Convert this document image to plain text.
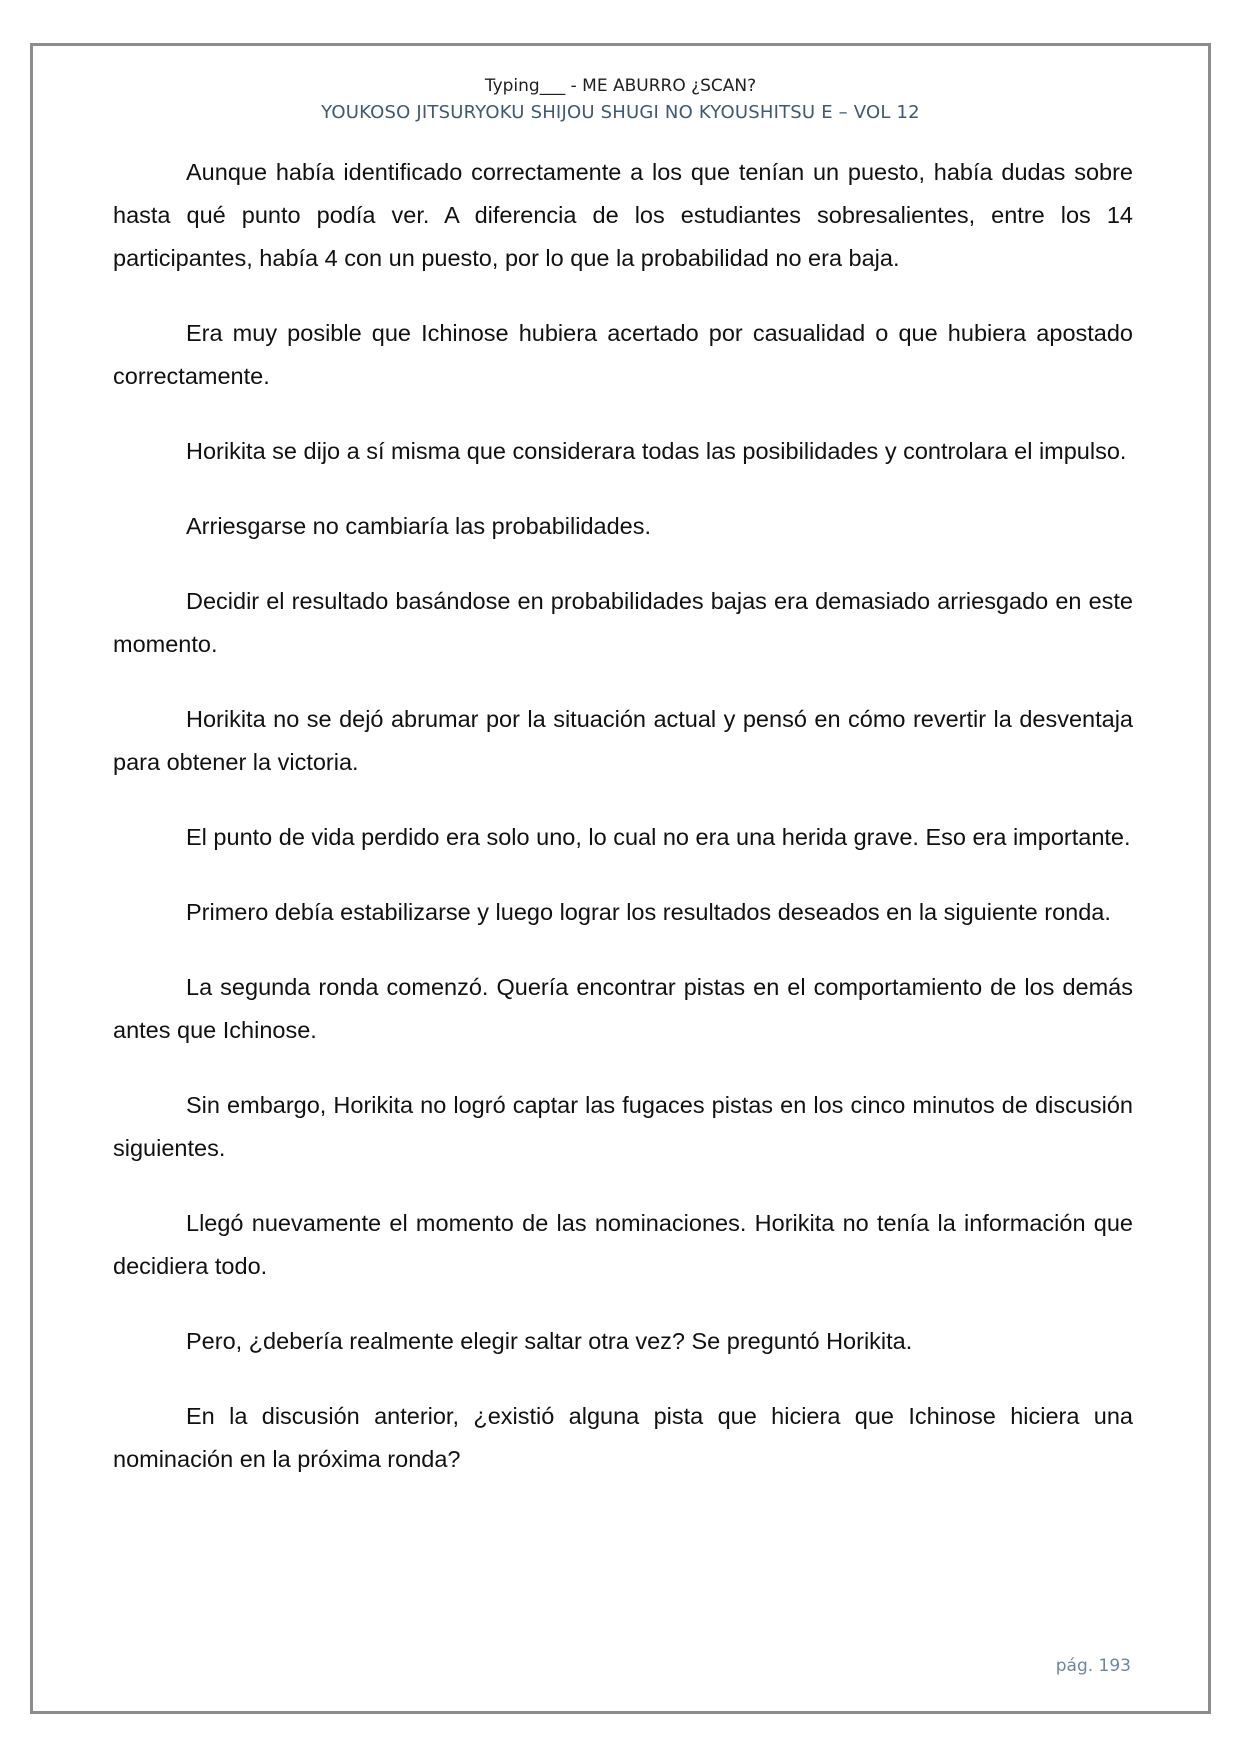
Typing___ - ME ABURRO ¿SCAN?
YOUKOSO JITSURYOKU SHIJOU SHUGI NO KYOUSHITSU E – VOL 12

Aunque había identificado correctamente a los que tenían un puesto, había dudas sobre hasta qué punto podía ver. A diferencia de los estudiantes sobresalientes, entre los 14 participantes, había 4 con un puesto, por lo que la probabilidad no era baja.

Era muy posible que Ichinose hubiera acertado por casualidad o que hubiera apostado correctamente.

Horikita se dijo a sí misma que considerara todas las posibilidades y controlara el impulso.

Arriesgarse no cambiaría las probabilidades.

Decidir el resultado basándose en probabilidades bajas era demasiado arriesgado en este momento.

Horikita no se dejó abrumar por la situación actual y pensó en cómo revertir la desventaja para obtener la victoria.

El punto de vida perdido era solo uno, lo cual no era una herida grave. Eso era importante.

Primero debía estabilizarse y luego lograr los resultados deseados en la siguiente ronda.

La segunda ronda comenzó. Quería encontrar pistas en el comportamiento de los demás antes que Ichinose.

Sin embargo, Horikita no logró captar las fugaces pistas en los cinco minutos de discusión siguientes.

Llegó nuevamente el momento de las nominaciones. Horikita no tenía la información que decidiera todo.

Pero, ¿debería realmente elegir saltar otra vez? Se preguntó Horikita.

En la discusión anterior, ¿existió alguna pista que hiciera que Ichinose hiciera una nominación en la próxima ronda?

pág. 193
